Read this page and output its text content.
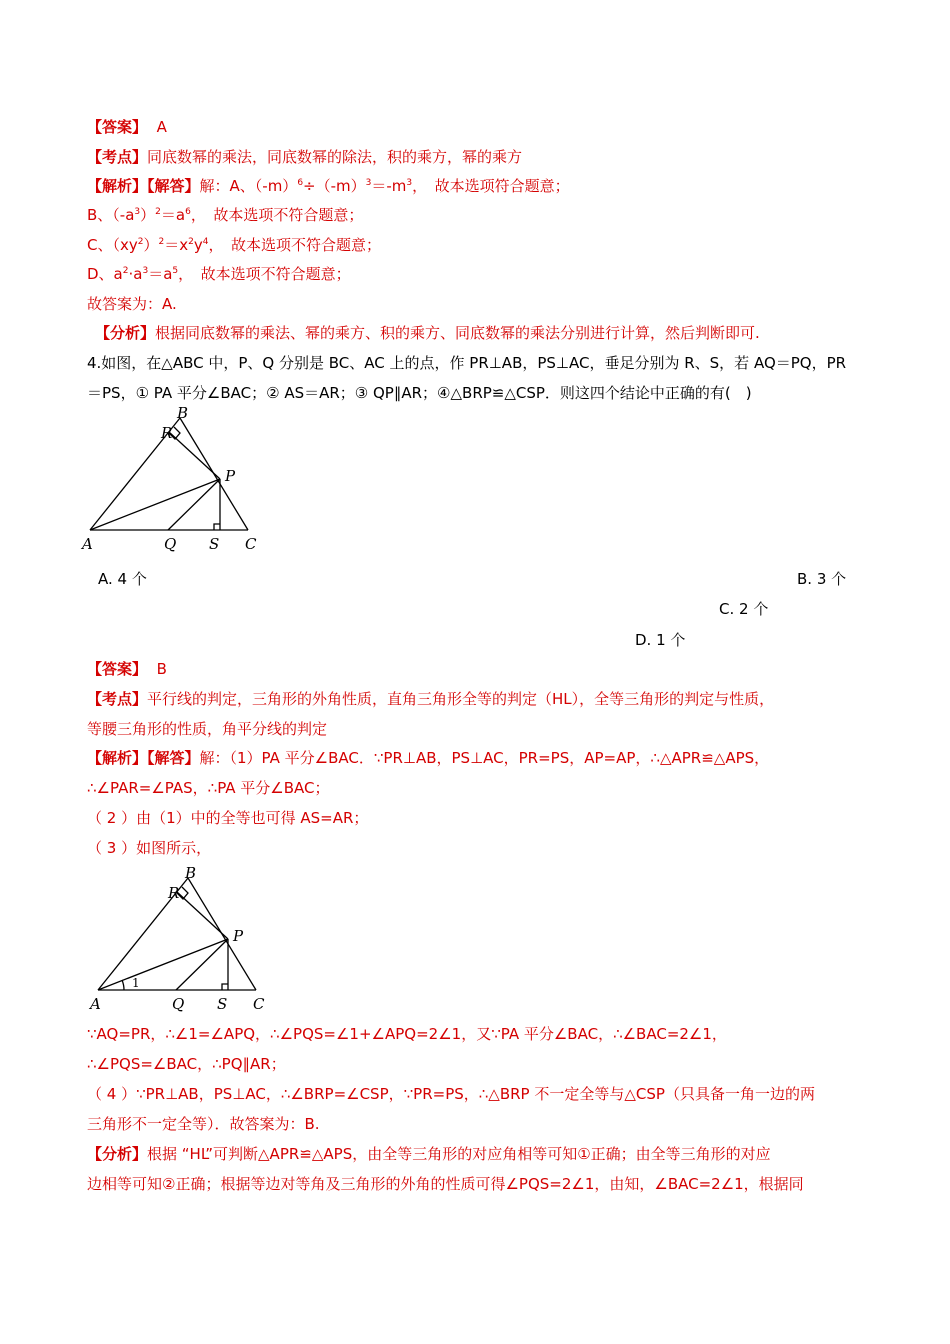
【答案】 A
【考点】同底数幂的乘法，同底数幂的除法，积的乘方，幂的乘方
【解析】【解答】解：A、$(-m)^6\div(-m)^3=-m^3$，　故本选项符合题意；
B、$(-a^3)^2=a^6$，　故本选项不符合题意；
C、$(xy^2)^2=x^2y^4$，　故本选项不符合题意；
D、$a^2\cdot a^3=a^5$，　故本选项不符合题意；
故答案为：A.
【分析】根据同底数幂的乘法、幂的乘方、积的乘方、同底数幂的乘法分别进行计算，然后判断即可.
4.如图，在△ABC 中，P、Q 分别是 BC、AC 上的点，作 PR⊥AB，PS⊥AC，垂足分别为 R、S，若 AQ＝PQ，PR
＝PS，① PA 平分∠BAC；② AS＝AR；③ QP∥AR；④△BRP≌△CSP．则这四个结论中正确的有(　)
A
B
C
P
Q
R
S
A. 4 个	B. 3 个
C. 2 个
D. 1 个
【答案】 B
【考点】平行线的判定，三角形的外角性质，直角三角形全等的判定（HL），全等三角形的判定与性质，
等腰三角形的性质，角平分线的判定
【解析】【解答】解：（1）PA 平分∠BAC．∵PR⊥AB，PS⊥AC，PR=PS，AP=AP，∴△APR≌△APS，
∴∠PAR=∠PAS，∴PA 平分∠BAC；
（ 2 ）由（1）中的全等也可得 AS=AR；
（ 3 ）如图所示，
A
B
C
P
Q
R
S
1
∵AQ=PR，∴∠1=∠APQ，∴∠PQS=∠1+∠APQ=2∠1，又∵PA 平分∠BAC，∴∠BAC=2∠1，
∴∠PQS=∠BAC，∴PQ∥AR；
（ 4 ）∵PR⊥AB，PS⊥AC，∴∠BRP=∠CSP，∵PR=PS，∴△BRP 不一定全等与△CSP（只具备一角一边的两
三角形不一定全等）．故答案为：B.
【分析】根据 “HL”可判断△APR≌△APS，由全等三角形的对应角相等可知①正确；由全等三角形的对应
边相等可知②正确；根据等边对等角及三角形的外角的性质可得∠PQS=2∠1，由知，∠BAC=2∠1，根据同
